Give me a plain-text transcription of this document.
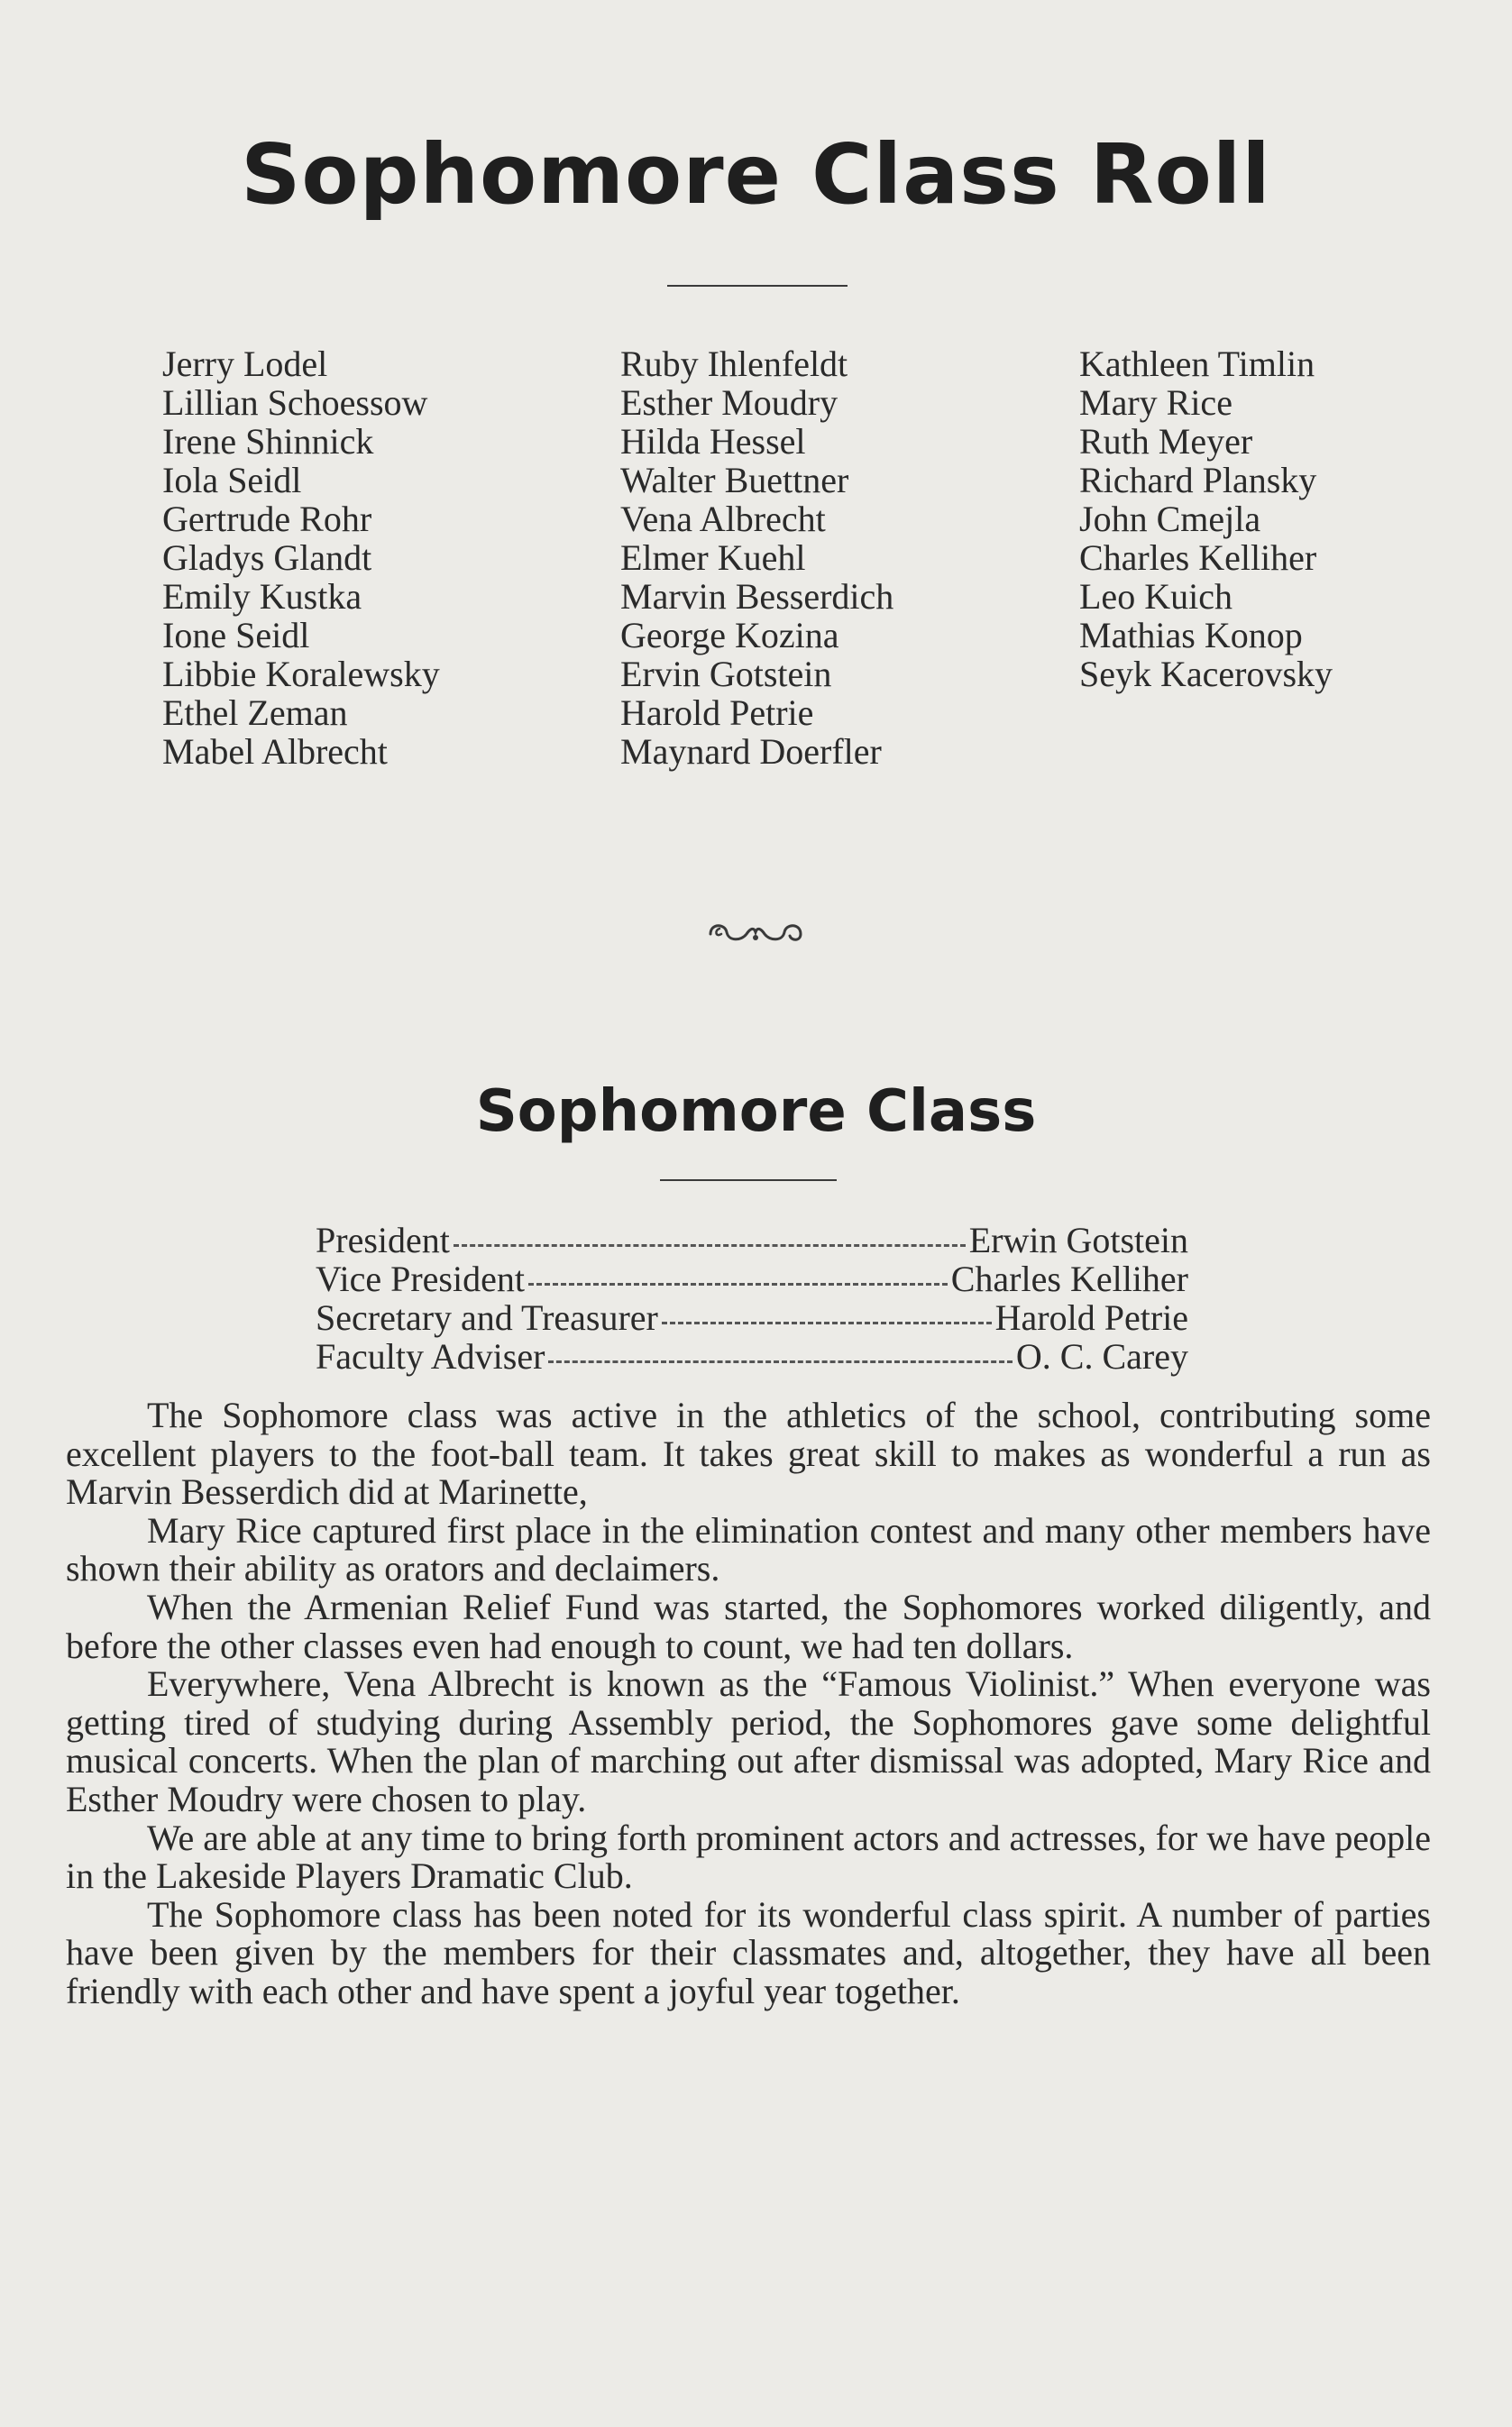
Sophomore Class Roll
Jerry Lodel
Lillian Schoessow
Irene Shinnick
Iola Seidl
Gertrude Rohr
Gladys Glandt
Emily Kustka
Ione Seidl
Libbie Koralewsky
Ethel Zeman
Mabel Albrecht
Ruby Ihlenfeldt
Esther Moudry
Hilda Hessel
Walter Buettner
Vena Albrecht
Elmer Kuehl
Marvin Besserdich
George Kozina
Ervin Gotstein
Harold Petrie
Maynard Doerfler
Kathleen Timlin
Mary Rice
Ruth Meyer
Richard Plansky
John Cmejla
Charles Kelliher
Leo Kuich
Mathias Konop
Seyk Kacerovsky
Sophomore Class
President	Erwin Gotstein
Vice President	Charles Kelliher
Secretary and Treasurer	Harold Petrie
Faculty Adviser	O. C. Carey

The Sophomore class was active in the athletics of the school, contributing some excellent players to the foot-ball team. It takes great skill to makes as wonderful a run as Marvin Besserdich did at Marinette,

Mary Rice captured first place in the elimination contest and many other members have shown their ability as orators and declaimers.

When the Armenian Relief Fund was started, the Sophomores worked diligently, and before the other classes even had enough to count, we had ten dollars.

Everywhere, Vena Albrecht is known as the “Famous Violinist.” When everyone was getting tired of studying during Assembly period, the Sophomores gave some delightful musical concerts. When the plan of marching out after dismissal was adopted, Mary Rice and Esther Moudry were chosen to play.

We are able at any time to bring forth prominent actors and actresses, for we have people in the Lakeside Players Dramatic Club.

The Sophomore class has been noted for its wonderful class spirit. A number of parties have been given by the members for their classmates and, altogether, they have all been friendly with each other and have spent a joyful year together.
